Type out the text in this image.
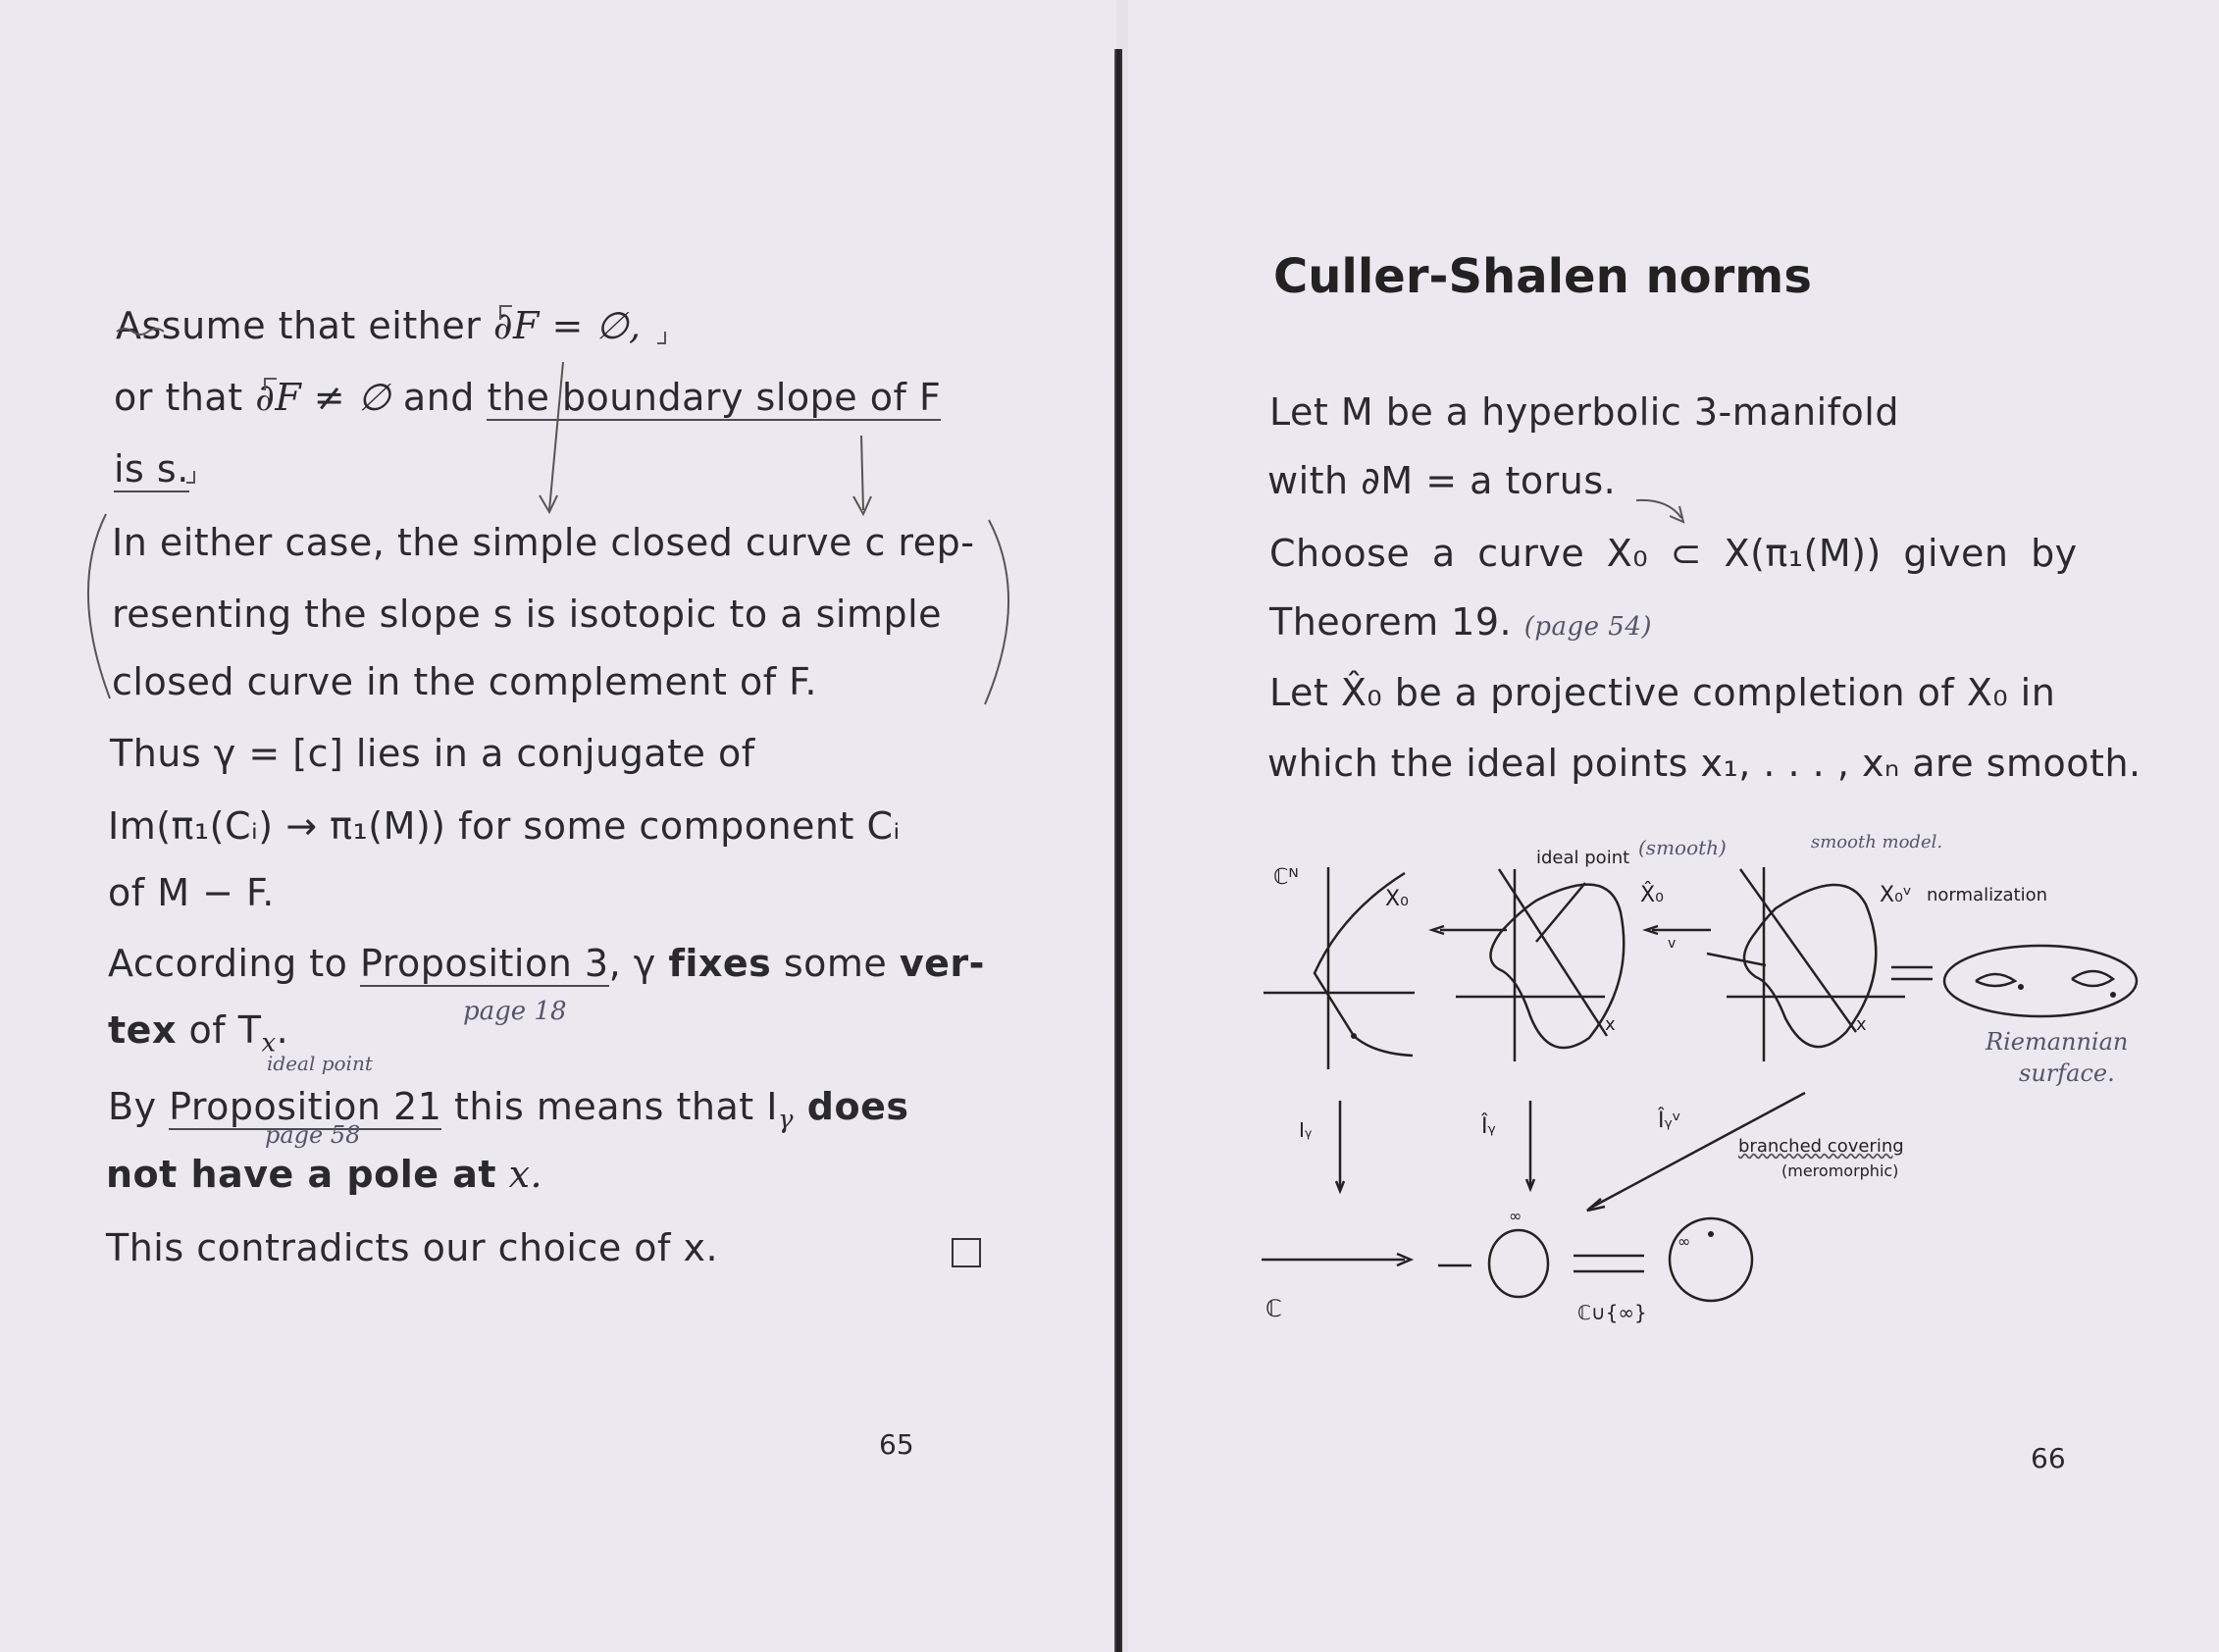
Assume that either ∂F = ∅,
or that ∂F ≠ ∅ and the boundary slope of F
is s.
In either case, the simple closed curve c rep-
resenting the slope s is isotopic to a simple
closed curve in the complement of F.
Thus γ = [c] lies in a conjugate of
Im(π₁(Cᵢ) → π₁(M)) for some component Cᵢ
of M − F.
According to Proposition 3, γ fixes some ver-
tex of $T_x$.
By Proposition 21 this means that $I_\gamma$ does
not have a pole at x.
This contradicts our choice of x.
page 18
ideal point
page 58
65
Culler-Shalen norms
Let M be a hyperbolic 3-manifold
with ∂M = a torus.
Choose a curve X₀ ⊂ X(π₁(M)) given by
Theorem 19. (page 54)
Let X̂₀ be a projective completion of X₀ in
which the ideal points x₁, . . . , xₙ are smooth.
66
ℂᴺ
X₀
ideal point (smooth)	smooth model.
X̂₀
v
X₀ᵛ normalization
x	x
Riemannian
surface.
Iᵧ	Îᵧ	Îᵧᵛ
branched covering
(meromorphic)
∞
∞
ℂ	ℂ∪{∞}
